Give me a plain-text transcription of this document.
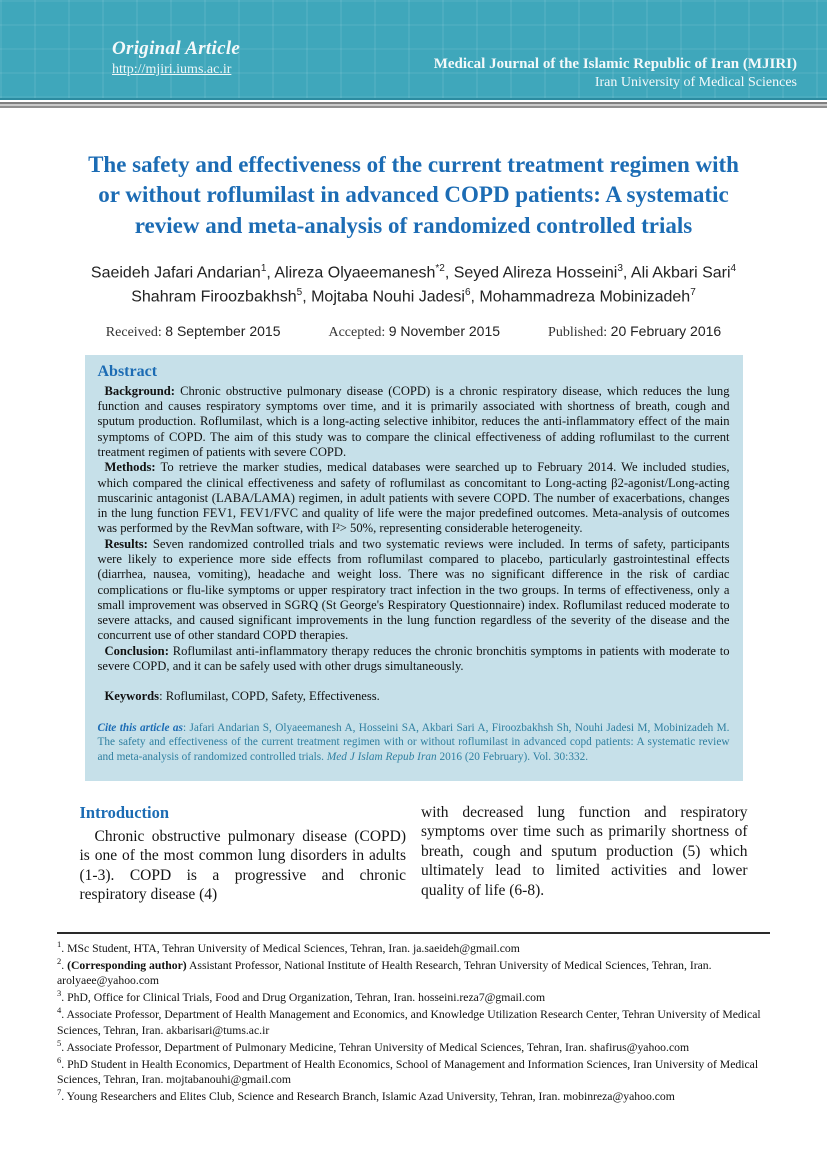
Original Article
http://mjiri.iums.ac.ir	Medical Journal of the Islamic Republic of Iran (MJIRI)
Iran University of Medical Sciences
The safety and effectiveness of the current treatment regimen with
or without roflumilast in advanced COPD patients: A systematic
review and meta-analysis of randomized controlled trials
Saeideh Jafari Andarian$^1$, Alireza Olyaeemanesh$^{*2}$, Seyed Alireza Hosseini$^3$, Ali Akbari Sari$^4$
Shahram Firoozbakhsh$^5$, Mojtaba Nouhi Jadesi$^6$, Mohammadreza Mobinizadeh$^7$
Received: 8 September 2015	Accepted: 9 November 2015	Published: 20 February 2016
Abstract

Background: Chronic obstructive pulmonary disease (COPD) is a chronic respiratory disease, which reduces the lung function and causes respiratory symptoms over time, and it is primarily associated with shortness of breath, cough and sputum production. Roflumilast, which is a long-acting selective inhibitor, reduces the anti-inflammatory effect of the main symptoms of COPD. The aim of this study was to compare the clinical effectiveness of adding roflumilast to the current treatment regimen of patients with severe COPD.

Methods: To retrieve the marker studies, medical databases were searched up to February 2014. We included studies, which compared the clinical effectiveness and safety of roflumilast as concomitant to Long-acting β2-agonist/Long-acting muscarinic antagonist (LABA/LAMA) regimen, in adult patients with severe COPD. The number of exacerbations, changes in the lung function FEV1, FEV1/FVC and quality of life were the major predefined outcomes. Meta-analysis of outcomes was performed by the RevMan software, with I²> 50%, representing considerable heterogeneity.

Results: Seven randomized controlled trials and two systematic reviews were included. In terms of safety, participants were likely to experience more side effects from roflumilast compared to placebo, particularly gastrointestinal effects (diarrhea, nausea, vomiting), headache and weight loss. There was no significant difference in the risk of cardiac complications or flu-like symptoms or upper respiratory tract infection in the two groups. In terms of effectiveness, only a small improvement was observed in SGRQ (St George's Respiratory Questionnaire) index. Roflumilast reduced moderate to severe attacks, and caused significant improvements in the lung function regardless of the severity of the disease and the concurrent use of other standard COPD therapies.

Conclusion: Roflumilast anti-inflammatory therapy reduces the chronic bronchitis symptoms in patients with moderate to severe COPD, and it can be safely used with other drugs simultaneously.

Keywords: Roflumilast, COPD, Safety, Effectiveness.

Cite this article as: Jafari Andarian S, Olyaeemanesh A, Hosseini SA, Akbari Sari A, Firoozbakhsh Sh, Nouhi Jadesi M, Mobinizadeh M. The safety and effectiveness of the current treatment regimen with or without roflumilast in advanced copd patients: A systematic review and meta-analysis of randomized controlled trials. Med J Islam Repub Iran 2016 (20 February). Vol. 30:332.
Introduction

Chronic obstructive pulmonary disease (COPD) is one of the most common lung disorders in adults (1-3). COPD is a progressive and chronic respiratory disease (4)

with decreased lung function and respiratory symptoms over time such as primarily shortness of breath, cough and sputum production (5) which ultimately lead to limited activities and lower quality of life (6-8).

$^1$. MSc Student, HTA, Tehran University of Medical Sciences, Tehran, Iran. ja.saeideh@gmail.com
$^2$. (Corresponding author) Assistant Professor, National Institute of Health Research, Tehran University of Medical Sciences, Tehran, Iran. arolyaee@yahoo.com
$^3$. PhD, Office for Clinical Trials, Food and Drug Organization, Tehran, Iran. hosseini.reza7@gmail.com
$^4$. Associate Professor, Department of Health Management and Economics, and Knowledge Utilization Research Center, Tehran University of Medical Sciences, Tehran, Iran. akbarisari@tums.ac.ir
$^5$. Associate Professor, Department of Pulmonary Medicine, Tehran University of Medical Sciences, Tehran, Iran. shafirus@yahoo.com
$^6$. PhD Student in Health Economics, Department of Health Economics, School of Management and Information Sciences, Iran University of Medical Sciences, Tehran, Iran. mojtabanouhi@gmail.com
$^7$. Young Researchers and Elites Club, Science and Research Branch, Islamic Azad University, Tehran, Iran. mobinreza@yahoo.com
